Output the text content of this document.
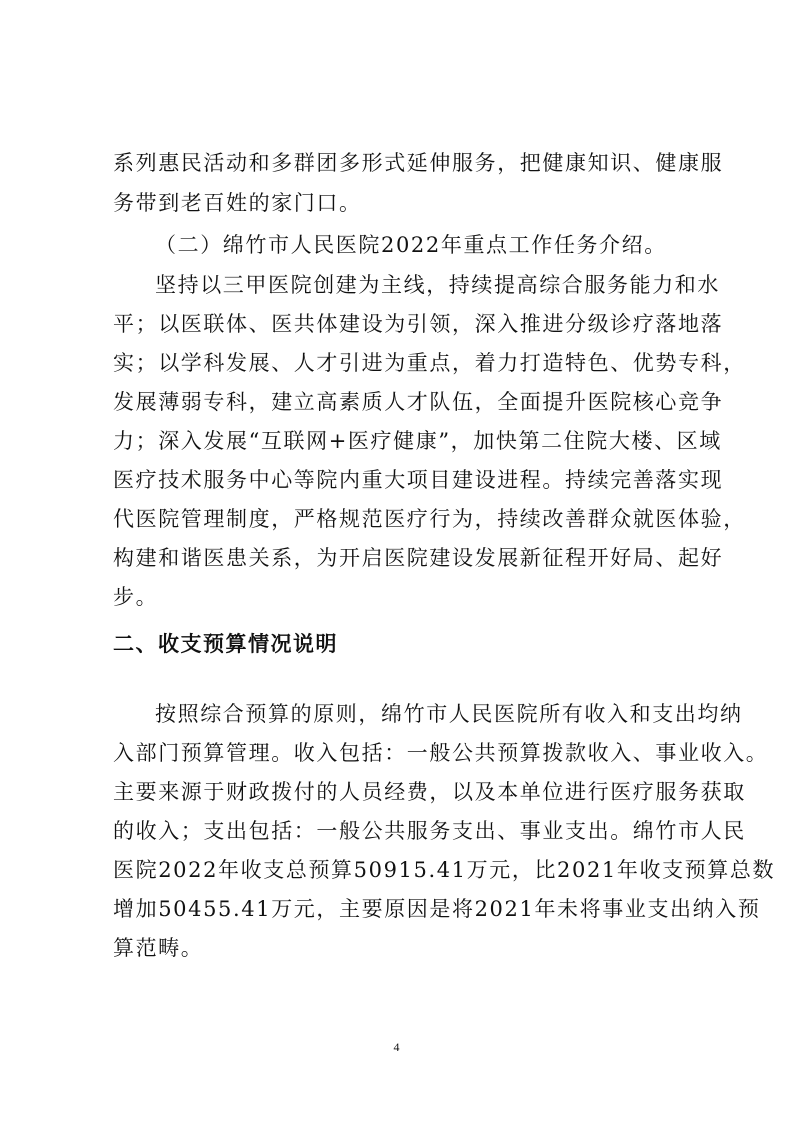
系列惠民活动和多群团多形式延伸服务，把健康知识、健康服
务带到老百姓的家门口。
（二）绵竹市人民医院2022年重点工作任务介绍。
坚持以三甲医院创建为主线，持续提高综合服务能力和水
平；以医联体、医共体建设为引领，深入推进分级诊疗落地落
实；以学科发展、人才引进为重点，着力打造特色、优势专科，
发展薄弱专科，建立高素质人才队伍，全面提升医院核心竞争
力；深入发展“互联网+医疗健康”，加快第二住院大楼、区域
医疗技术服务中心等院内重大项目建设进程。持续完善落实现
代医院管理制度，严格规范医疗行为，持续改善群众就医体验，
构建和谐医患关系，为开启医院建设发展新征程开好局、起好
步。
二、收支预算情况说明
按照综合预算的原则，绵竹市人民医院所有收入和支出均纳
入部门预算管理。收入包括：一般公共预算拨款收入、事业收入。
主要来源于财政拨付的人员经费，以及本单位进行医疗服务获取
的收入；支出包括：一般公共服务支出、事业支出。绵竹市人民
医院2022年收支总预算50915.41万元，比2021年收支预算总数
增加50455.41万元，主要原因是将2021年未将事业支出纳入预
算范畴。
4
